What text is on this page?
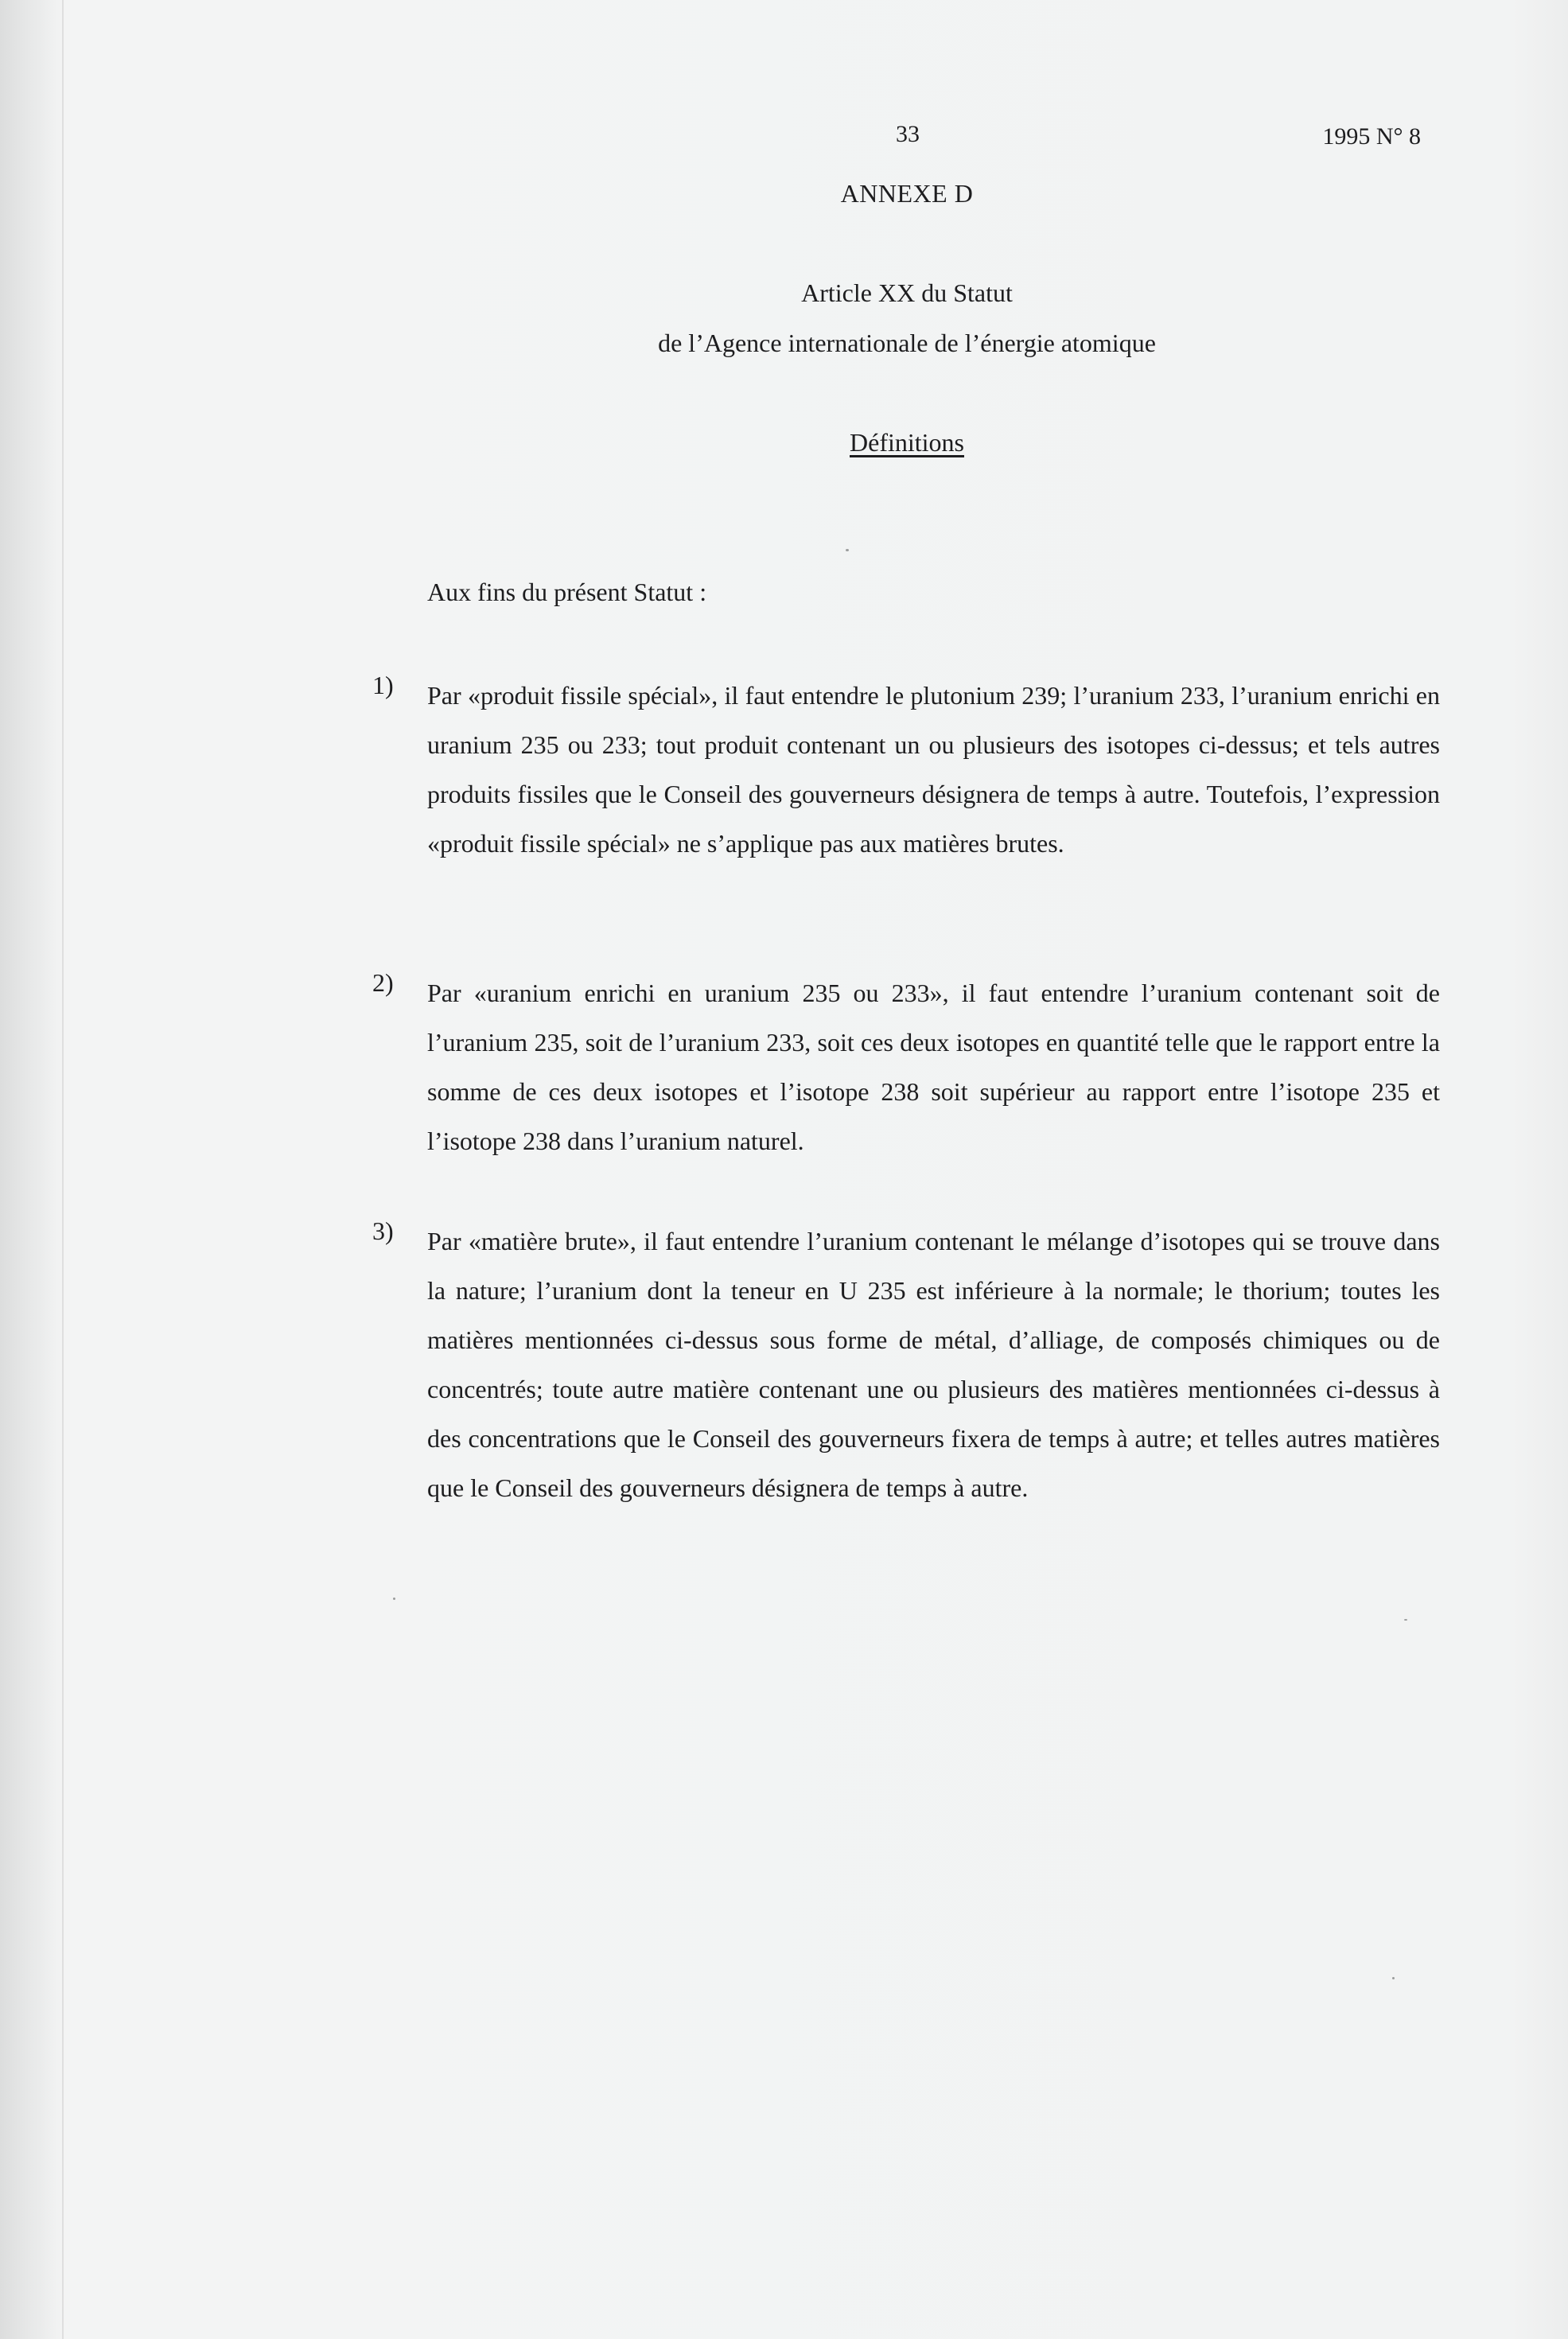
33	1995 N° 8
ANNEXE D
Article XX du Statut
de l’Agence internationale de l’énergie atomique
Définitions
Aux fins du présent Statut :
1)	Par «produit fissile spécial», il faut entendre le plutonium 239; l’uranium 233, l’uranium enrichi en uranium 235 ou 233; tout produit contenant un ou plusieurs des isotopes ci-dessus; et tels autres produits fissiles que le Conseil des gouverneurs désignera de temps à autre. Toutefois, l’expression «produit fissile spécial» ne s’applique pas aux matières brutes.
2)	Par «uranium enrichi en uranium 235 ou 233», il faut entendre l’uranium contenant soit de l’uranium 235, soit de l’uranium 233, soit ces deux isotopes en quantité telle que le rapport entre la somme de ces deux isotopes et l’isotope 238 soit supérieur au rapport entre l’isotope 235 et l’isotope 238 dans l’uranium naturel.
3)	Par «matière brute», il faut entendre l’uranium contenant le mélange d’isotopes qui se trouve dans la nature; l’uranium dont la teneur en U 235 est inférieure à la normale; le thorium; toutes les matières mentionnées ci-dessus sous forme de métal, d’alliage, de composés chimiques ou de concentrés; toute autre matière contenant une ou plusieurs des matières mentionnées ci-dessus à des concentrations que le Conseil des gouverneurs fixera de temps à autre; et telles autres matières que le Conseil des gouverneurs désignera de temps à autre.
